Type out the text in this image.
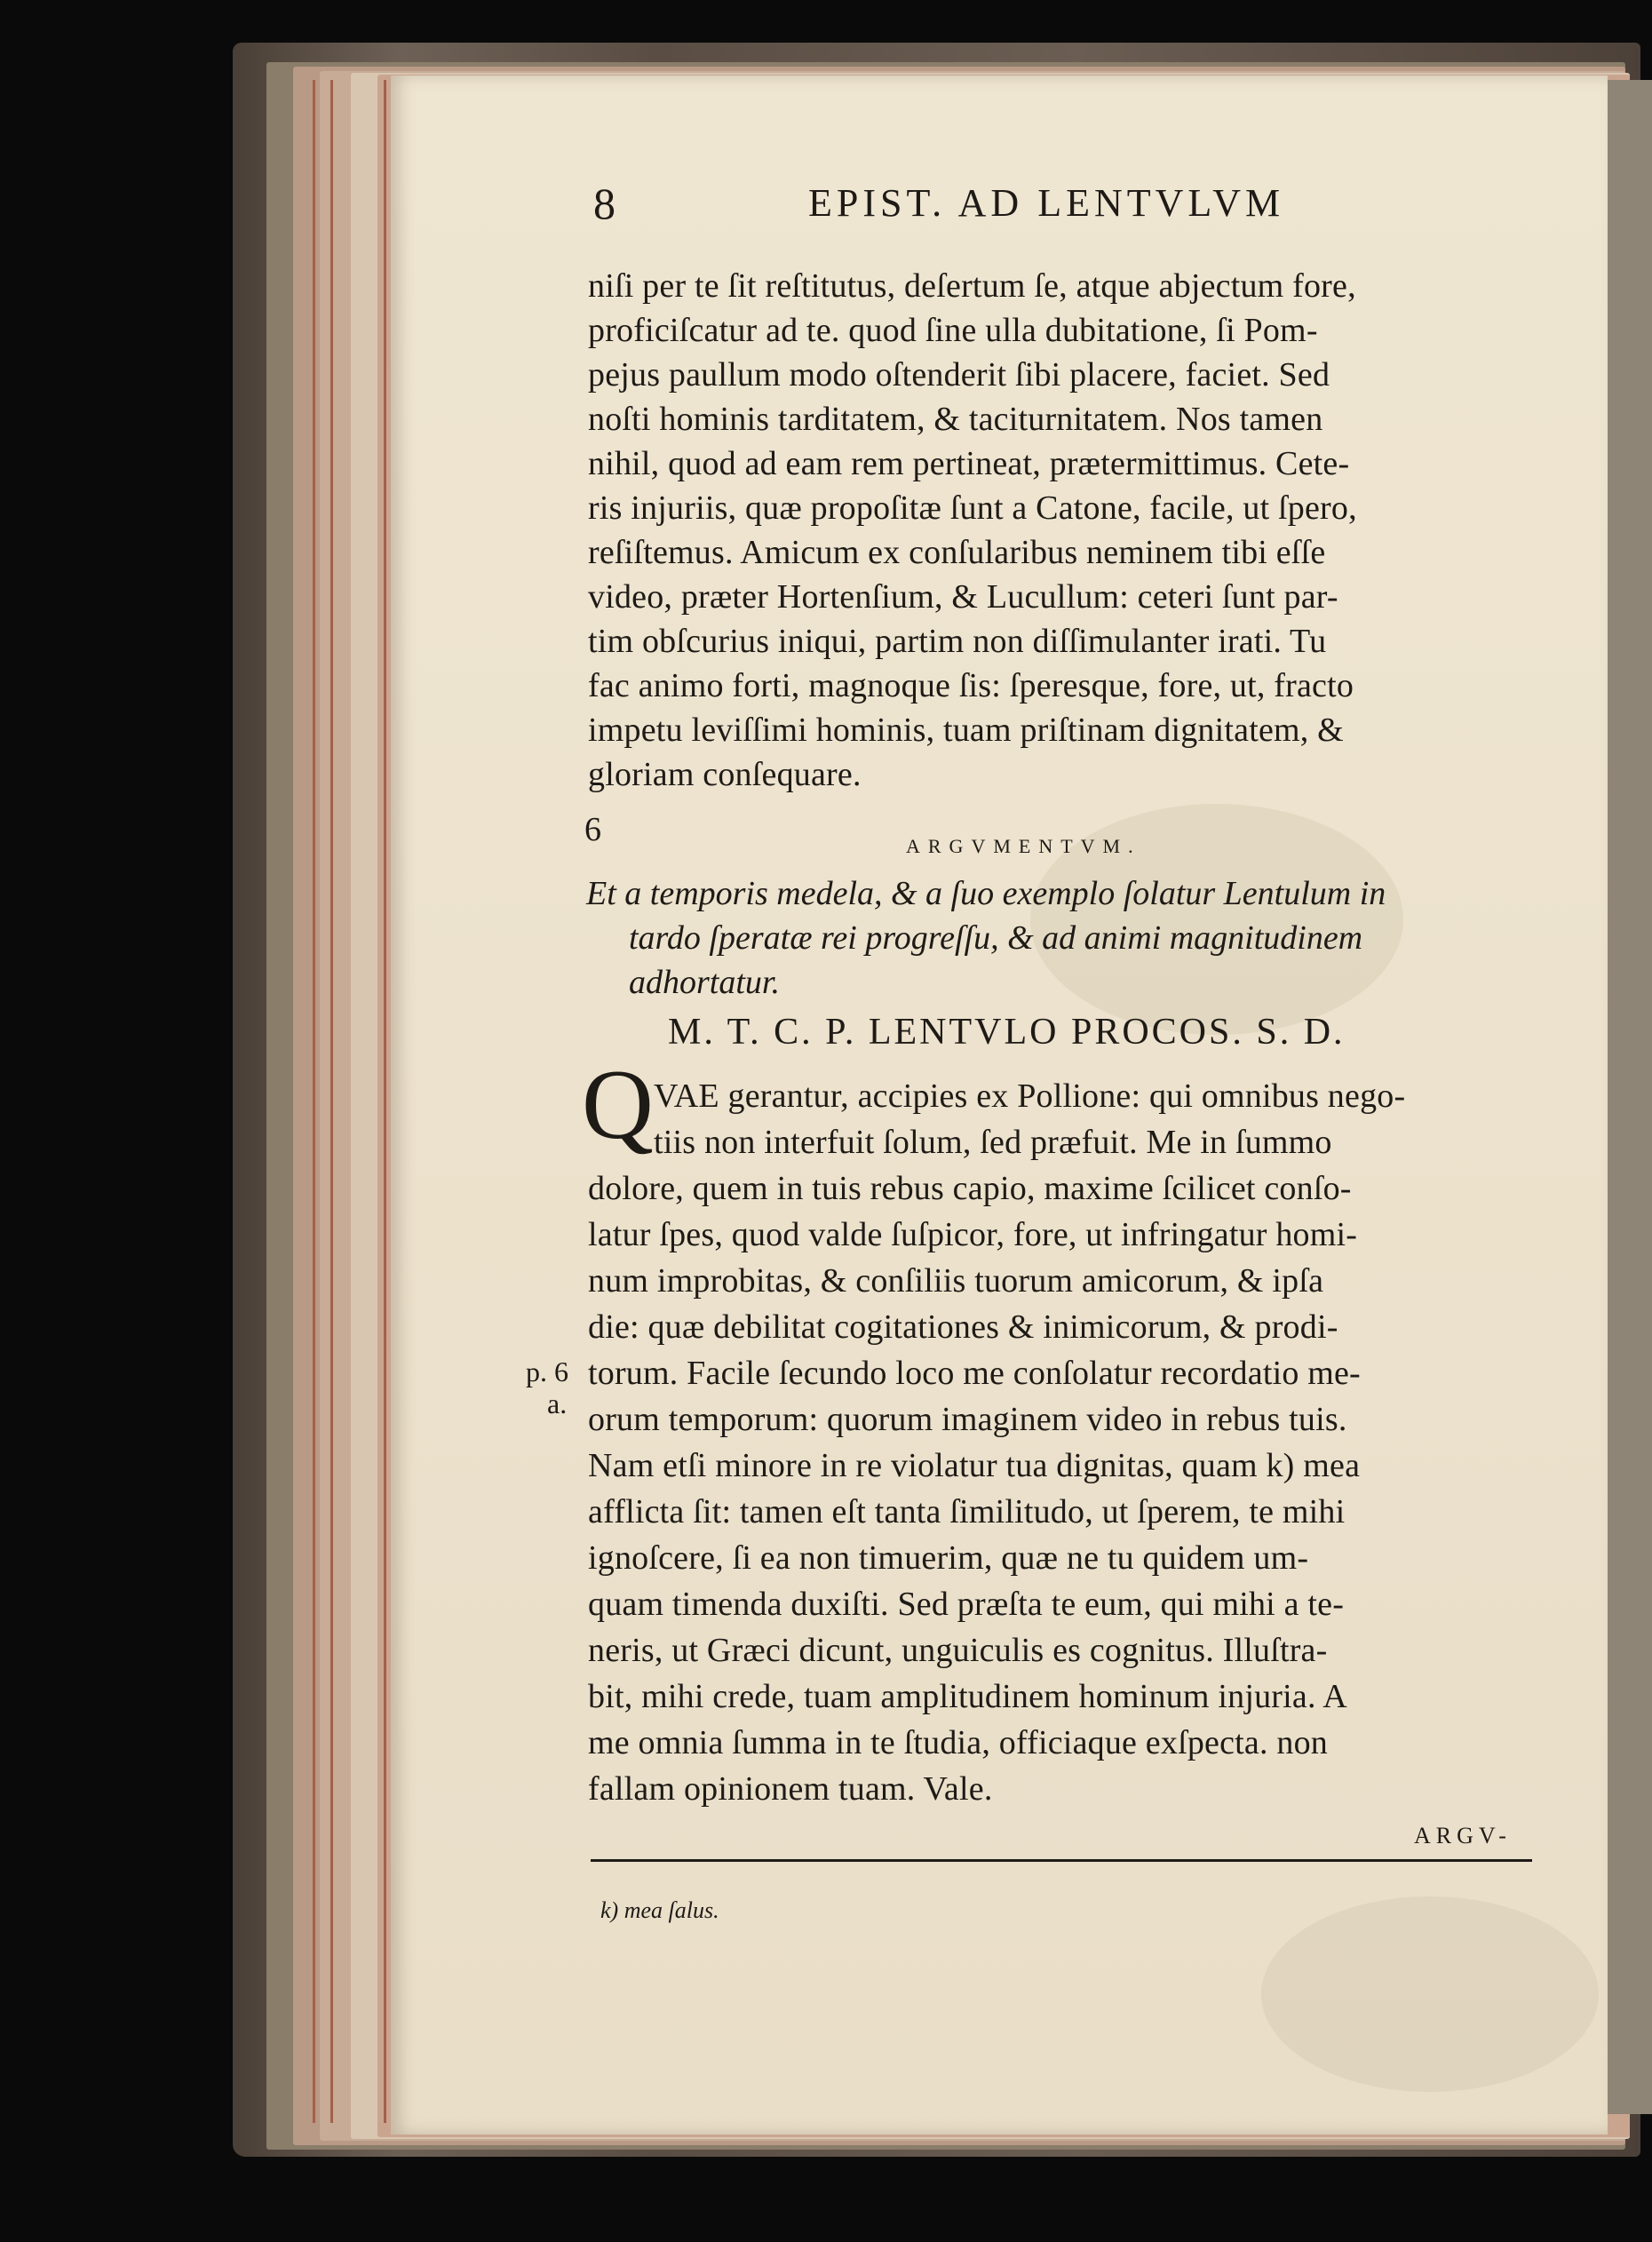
8	EPIST. AD LENTVLVM
niſi per te ſit reſtitutus, deſertum ſe, atque abjectum fore,
proficiſcatur ad te. quod ſine ulla dubitatione, ſi Pom-
pejus paullum modo oſtenderit ſibi placere, faciet. Sed
noſti hominis tarditatem, & taciturnitatem. Nos tamen
nihil, quod ad eam rem pertineat, prætermittimus. Cete-
ris injuriis, quæ propoſitæ ſunt a Catone, facile, ut ſpero,
reſiſtemus. Amicum ex conſularibus neminem tibi eſſe
video, præter Hortenſium, & Lucullum: ceteri ſunt par-
tim obſcurius iniqui, partim non diſſimulanter irati. Tu
fac animo forti, magnoque ſis: ſperesque, fore, ut, fracto
impetu leviſſimi hominis, tuam priſtinam dignitatem, &
gloriam conſequare.
6	ARGVMENTVM.
Et a temporis medela, & a ſuo exemplo ſolatur Lentulum in
tardo ſperatæ rei progreſſu, & ad animi magnitudinem
adhortatur.
M. T. C. P. LENTVLO PROCOS. S. D.
Q VAE gerantur, accipies ex Pollione: qui omnibus nego-
tiis non interfuit ſolum, ſed præfuit. Me in ſummo
dolore, quem in tuis rebus capio, maxime ſcilicet conſo-
latur ſpes, quod valde ſuſpicor, fore, ut infringatur homi-
num improbitas, & conſiliis tuorum amicorum, & ipſa
die: quæ debilitat cogitationes & inimicorum, & prodi-
torum. Facile ſecundo loco me conſolatur recordatio me-
orum temporum: quorum imaginem video in rebus tuis.
Nam etſi minore in re violatur tua dignitas, quam k) mea
afflicta ſit: tamen eſt tanta ſimilitudo, ut ſperem, te mihi
ignoſcere, ſi ea non timuerim, quæ ne tu quidem um-
quam timenda duxiſti. Sed præſta te eum, qui mihi a te-
neris, ut Græci dicunt, unguiculis es cognitus. Illuſtra-
bit, mihi crede, tuam amplitudinem hominum injuria. A
me omnia ſumma in te ſtudia, officiaque exſpecta. non
fallam opinionem tuam. Vale.
p. 6
a.
ARGV-
k) mea ſalus.
